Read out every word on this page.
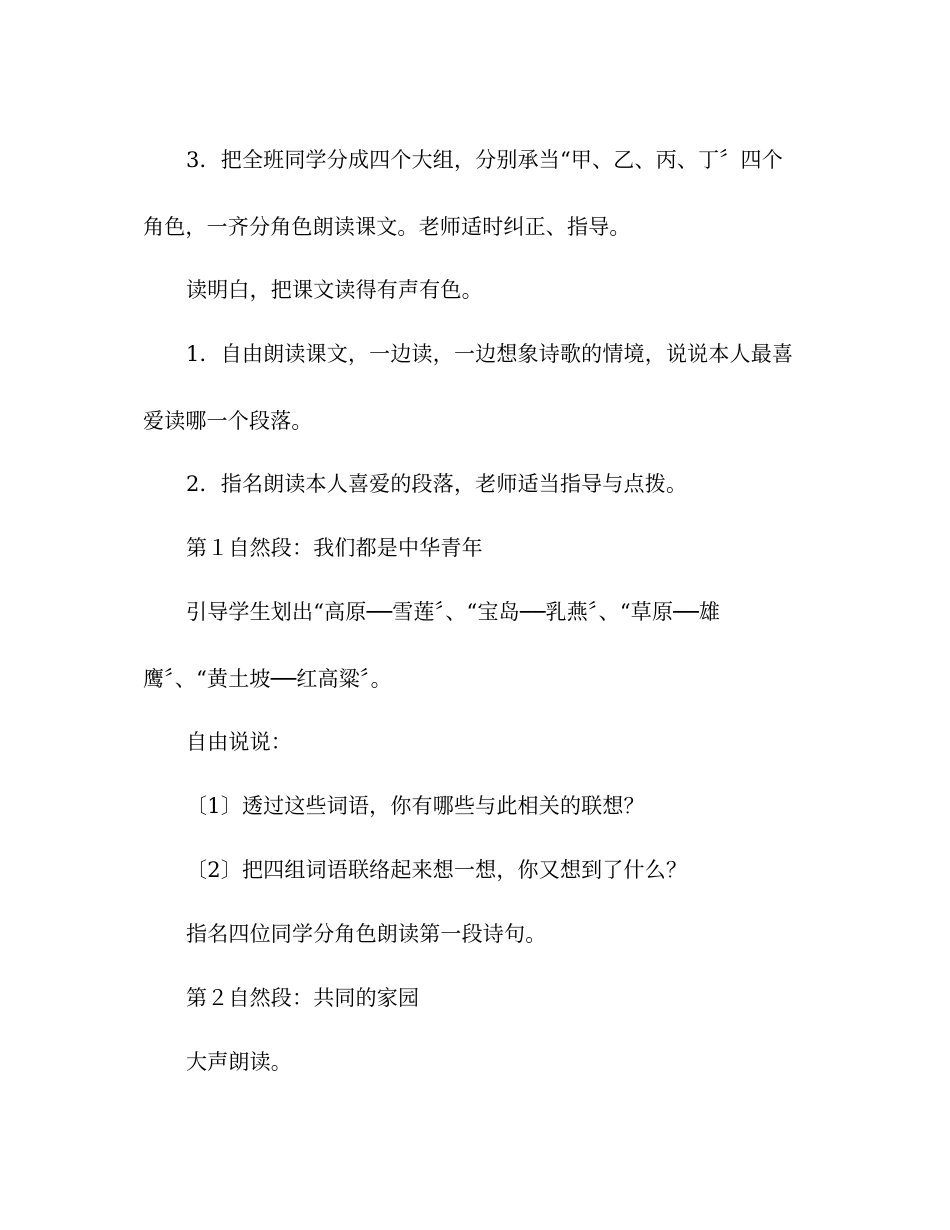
3．把全班同学分成四个大组，分别承当“甲、乙、丙、丁〞四个
角色，一齐分角色朗读课文。老师适时纠正、指导。
读明白，把课文读得有声有色。
1．自由朗读课文，一边读，一边想象诗歌的情境，说说本人最喜
爱读哪一个段落。
2．指名朗读本人喜爱的段落，老师适当指导与点拨。
第１自然段：我们都是中华青年
引导学生划出“高原──雪莲〞、“宝岛──乳燕〞、“草原──雄
鹰〞、“黄土坡──红高粱〞。
自由说说：
〔1〕透过这些词语，你有哪些与此相关的联想？
〔2〕把四组词语联络起来想一想，你又想到了什么？
指名四位同学分角色朗读第一段诗句。
第２自然段：共同的家园
大声朗读。
